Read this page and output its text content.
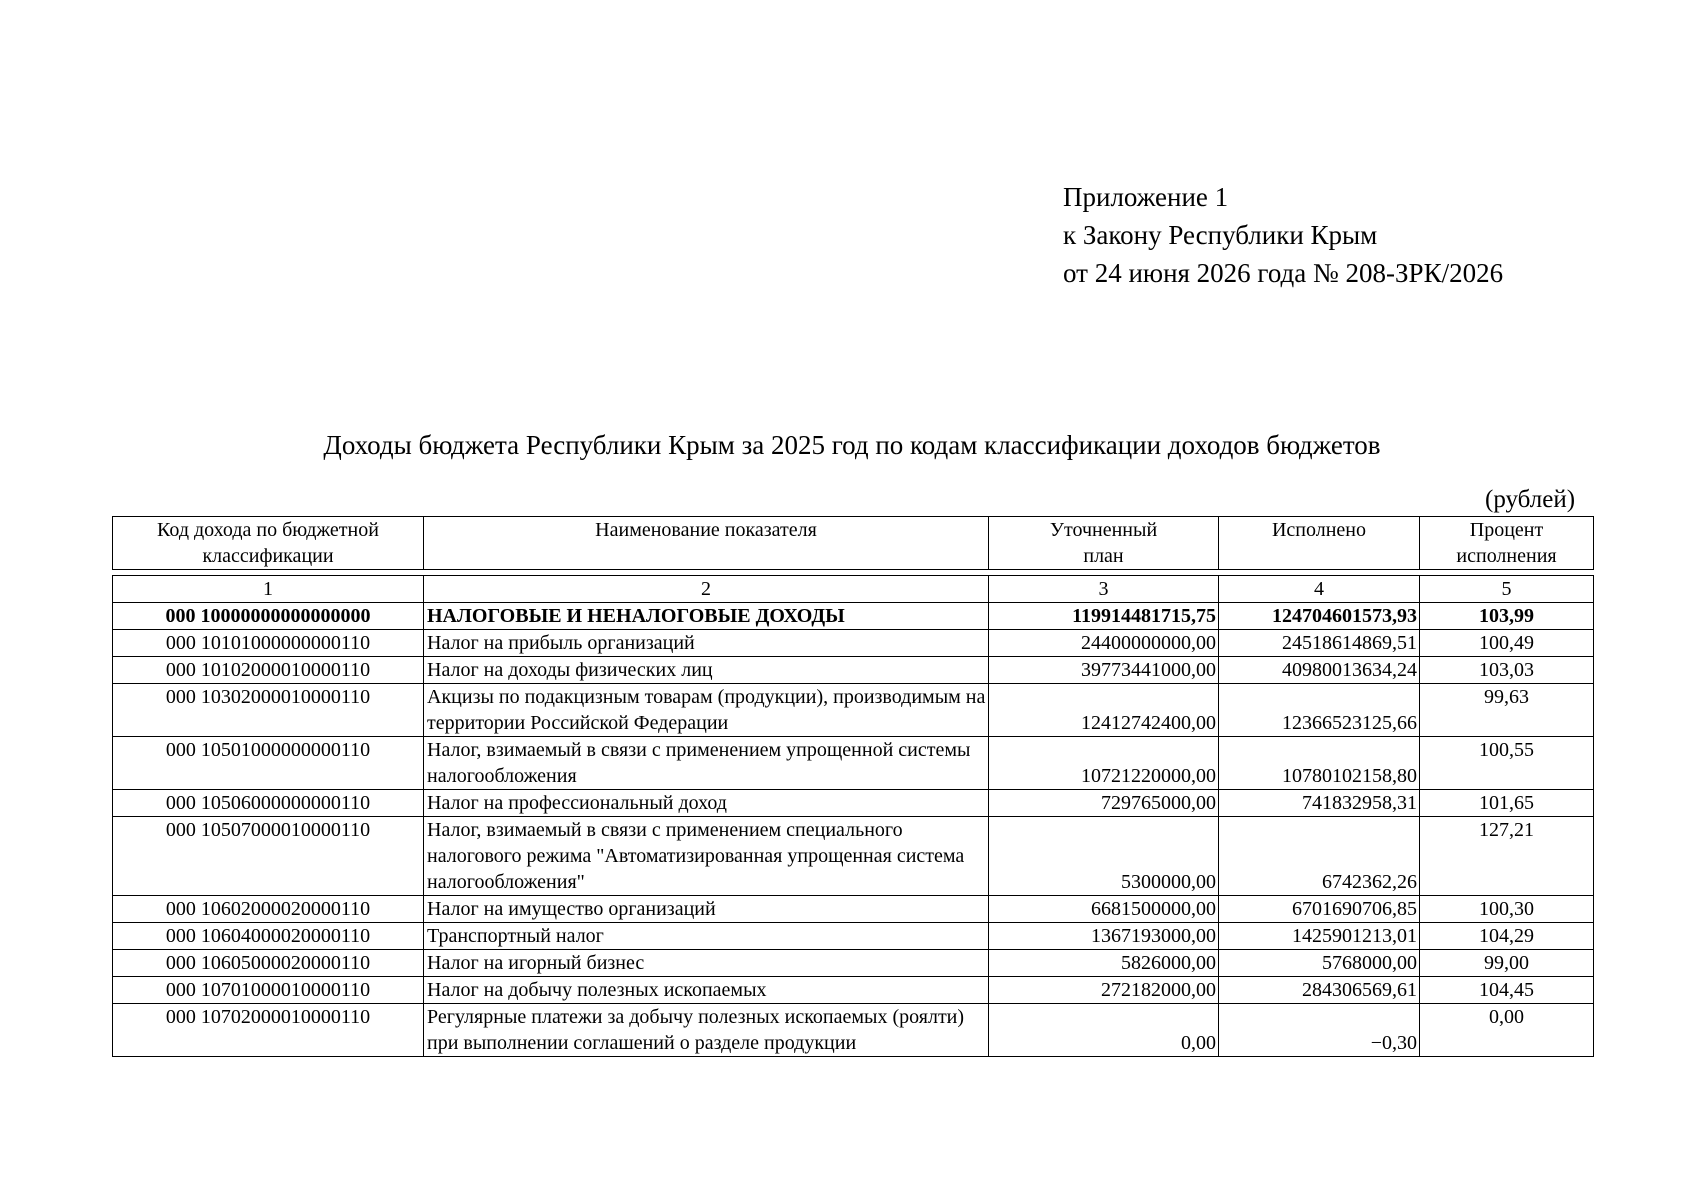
Приложение 1
к Закону Республики Крым
от 24 июня 2026 года № 208-ЗРК/2026
Доходы бюджета Республики Крым за 2025 год по кодам классификации доходов бюджетов
(рублей)
Код дохода по бюджетной классификации	Наименование показателя	Уточненный план	Исполнено	Процент исполнения

1	2	3	4	5
000 10000000000000000	НАЛОГОВЫЕ И НЕНАЛОГОВЫЕ ДОХОДЫ	119914481715,75	124704601573,93	103,99
000 10101000000000110	Налог на прибыль организаций	24400000000,00	24518614869,51	100,49
000 10102000010000110	Налог на доходы физических лиц	39773441000,00	40980013634,24	103,03
000 10302000010000110	Акцизы по подакцизным товарам (продукции), производимым на территории Российской Федерации	12412742400,00	12366523125,66	99,63
000 10501000000000110	Налог, взимаемый в связи с применением упрощенной системы налогообложения	10721220000,00	10780102158,80	100,55
000 10506000000000110	Налог на профессиональный доход	729765000,00	741832958,31	101,65
000 10507000010000110	Налог, взимаемый в связи с применением специального налогового режима "Автоматизированная упрощенная система налогообложения"	5300000,00	6742362,26	127,21
000 10602000020000110	Налог на имущество организаций	6681500000,00	6701690706,85	100,30
000 10604000020000110	Транспортный налог	1367193000,00	1425901213,01	104,29
000 10605000020000110	Налог на игорный бизнес	5826000,00	5768000,00	99,00
000 10701000010000110	Налог на добычу полезных ископаемых	272182000,00	284306569,61	104,45
000 10702000010000110	Регулярные платежи за добычу полезных ископаемых (роялти) при выполнении соглашений о разделе продукции	0,00	−0,30	0,00
